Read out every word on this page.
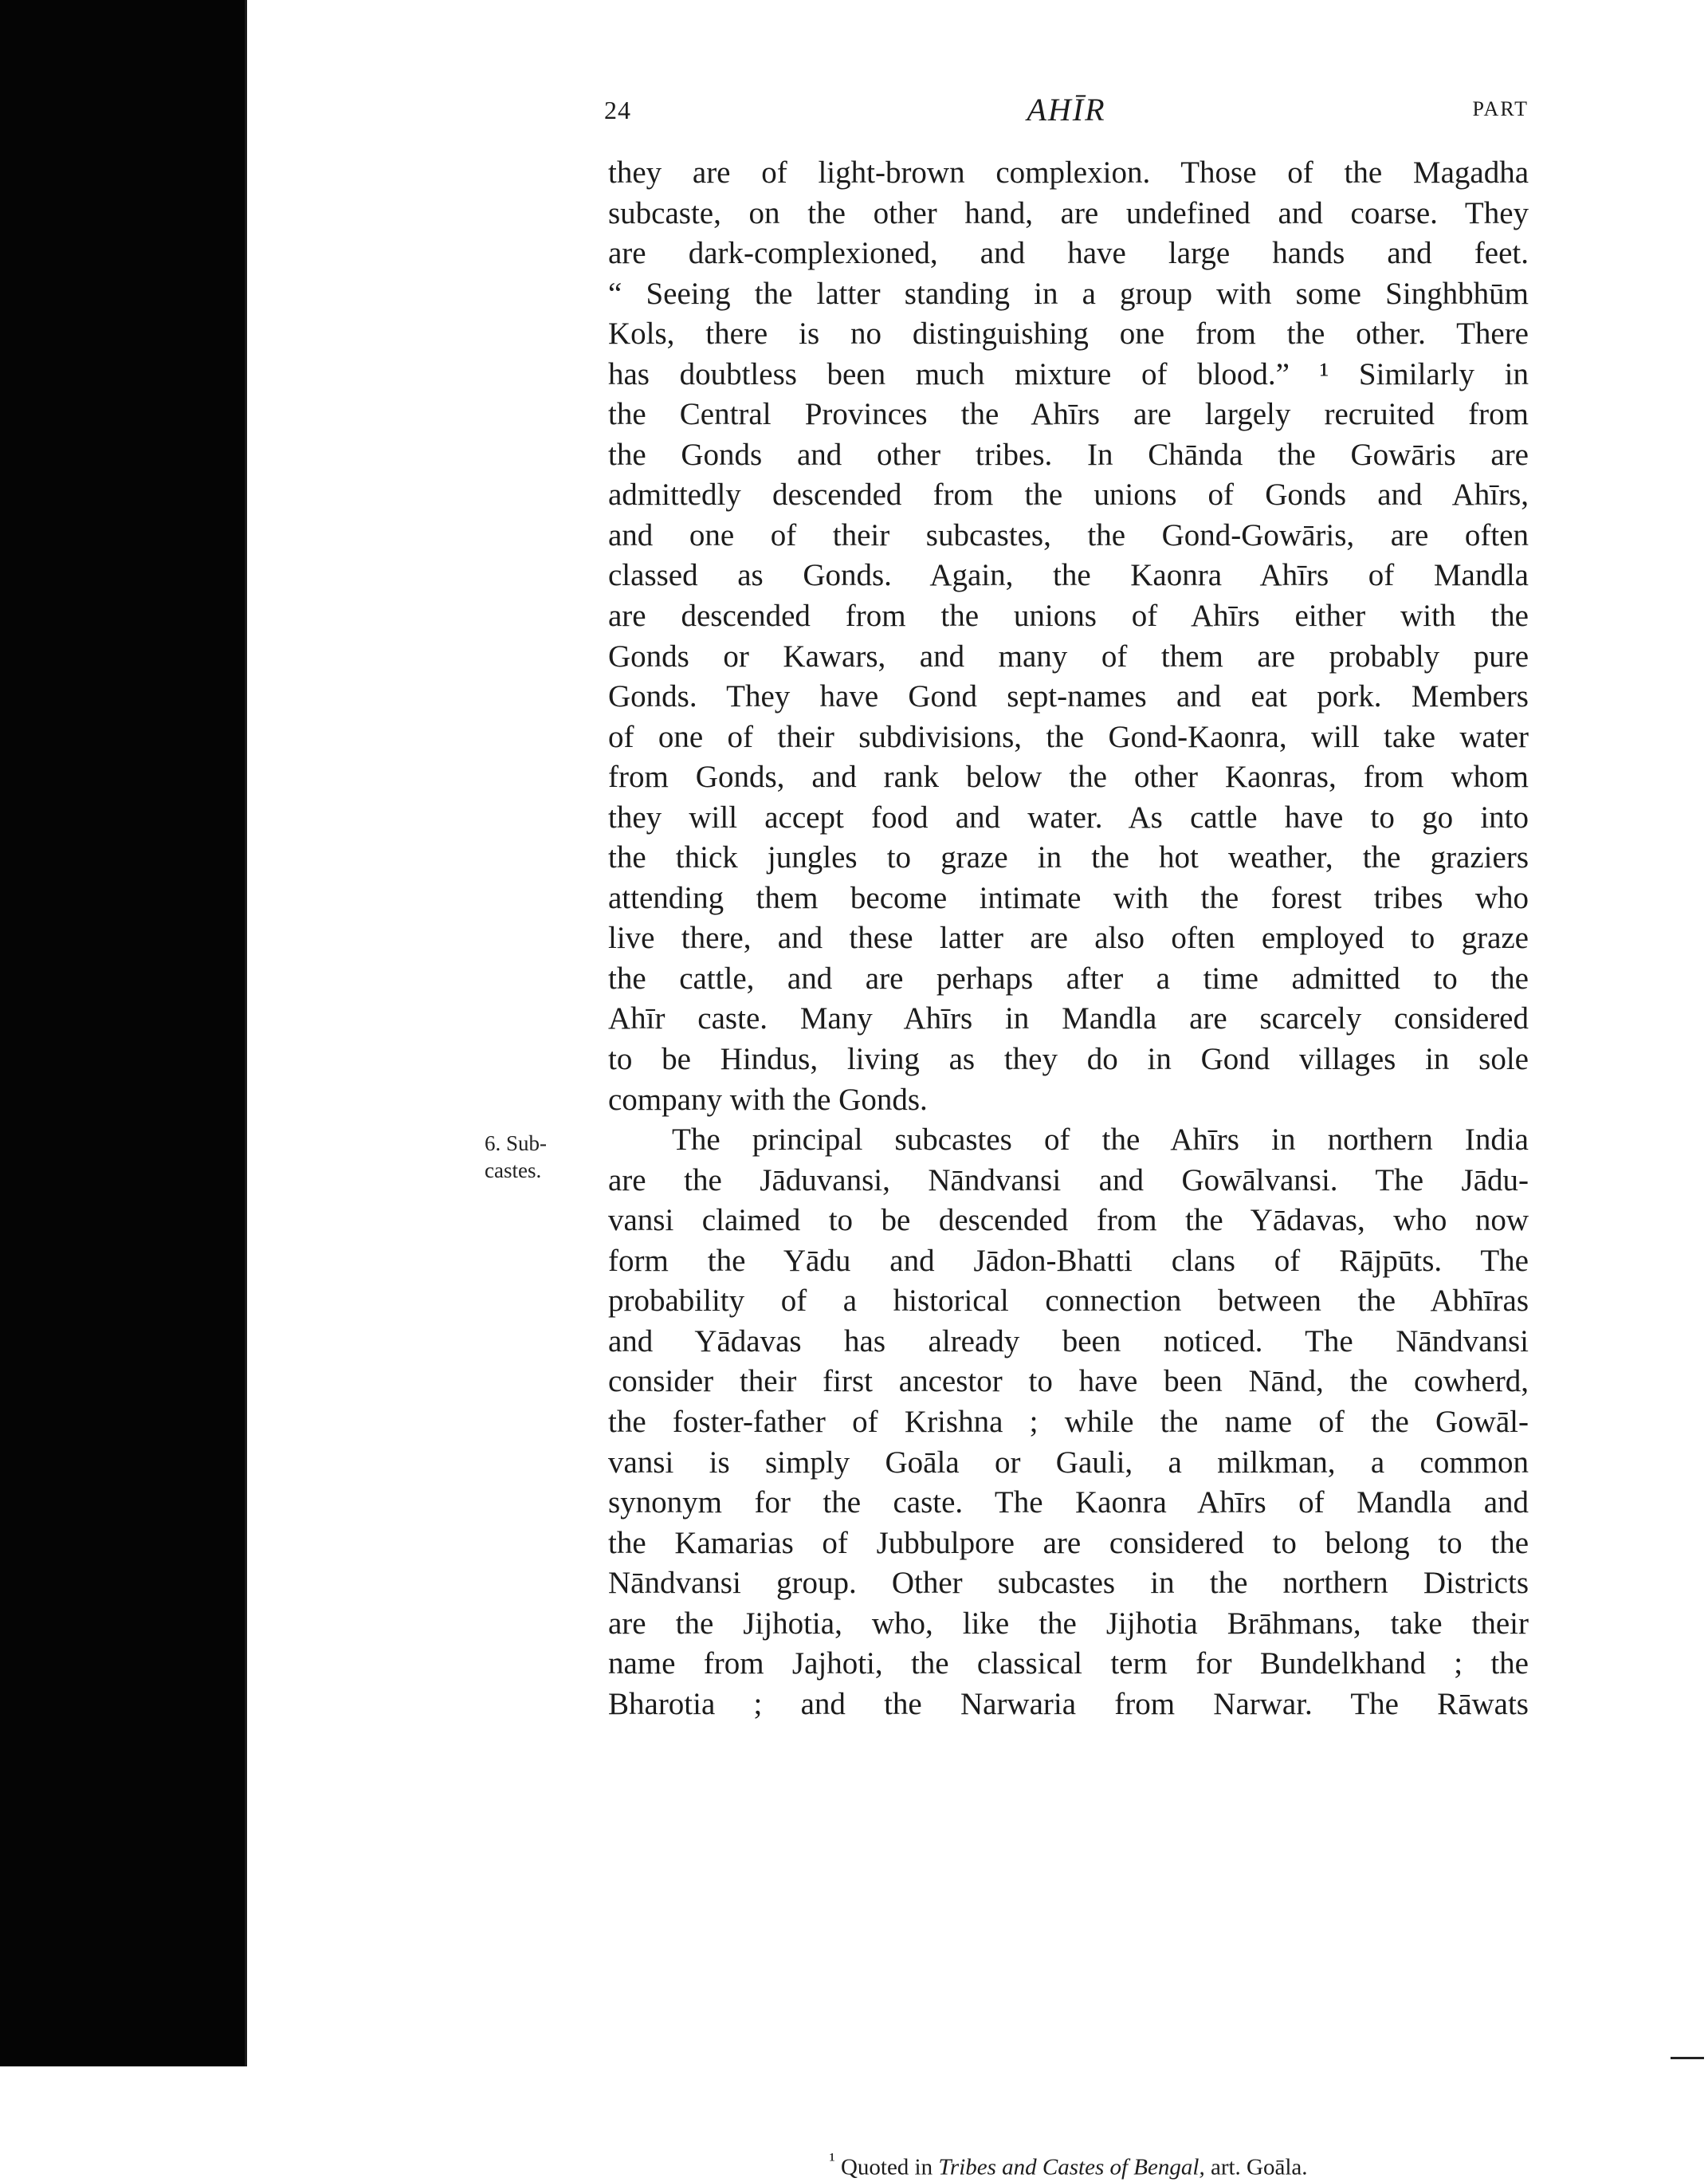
24	AHĪR	PART
they are of light-brown complexion. Those of the Magadha
subcaste, on the other hand, are undefined and coarse. They
are dark-complexioned, and have large hands and feet.
“ Seeing the latter standing in a group with some Singhbhūm
Kols, there is no distinguishing one from the other. There
has doubtless been much mixture of blood.” ¹ Similarly in
the Central Provinces the Ahīrs are largely recruited from
the Gonds and other tribes. In Chānda the Gowāris are
admittedly descended from the unions of Gonds and Ahīrs,
and one of their subcastes, the Gond-Gowāris, are often
classed as Gonds. Again, the Kaonra Ahīrs of Mandla
are descended from the unions of Ahīrs either with the
Gonds or Kawars, and many of them are probably pure
Gonds. They have Gond sept-names and eat pork. Members
of one of their subdivisions, the Gond-Kaonra, will take water
from Gonds, and rank below the other Kaonras, from whom
they will accept food and water. As cattle have to go into
the thick jungles to graze in the hot weather, the graziers
attending them become intimate with the forest tribes who
live there, and these latter are also often employed to graze
the cattle, and are perhaps after a time admitted to the
Ahīr caste. Many Ahīrs in Mandla are scarcely considered
to be Hindus, living as they do in Gond villages in sole
company with the Gonds.
The principal subcastes of the Ahīrs in northern India
are the Jāduvansi, Nāndvansi and Gowālvansi. The Jādu-
vansi claimed to be descended from the Yādavas, who now
form the Yādu and Jādon-Bhatti clans of Rājpūts. The
probability of a historical connection between the Abhīras
and Yādavas has already been noticed. The Nāndvansi
consider their first ancestor to have been Nānd, the cowherd,
the foster-father of Krishna ; while the name of the Gowāl-
vansi is simply Goāla or Gauli, a milkman, a common
synonym for the caste. The Kaonra Ahīrs of Mandla and
the Kamarias of Jubbulpore are considered to belong to the
Nāndvansi group. Other subcastes in the northern Districts
are the Jijhotia, who, like the Jijhotia Brāhmans, take their
name from Jajhoti, the classical term for Bundelkhand ; the
Bharotia ; and the Narwaria from Narwar. The Rāwats
6. Sub-
castes.
$^{^1}$ Quoted in Tribes and Castes of Bengal, art. Goāla.
